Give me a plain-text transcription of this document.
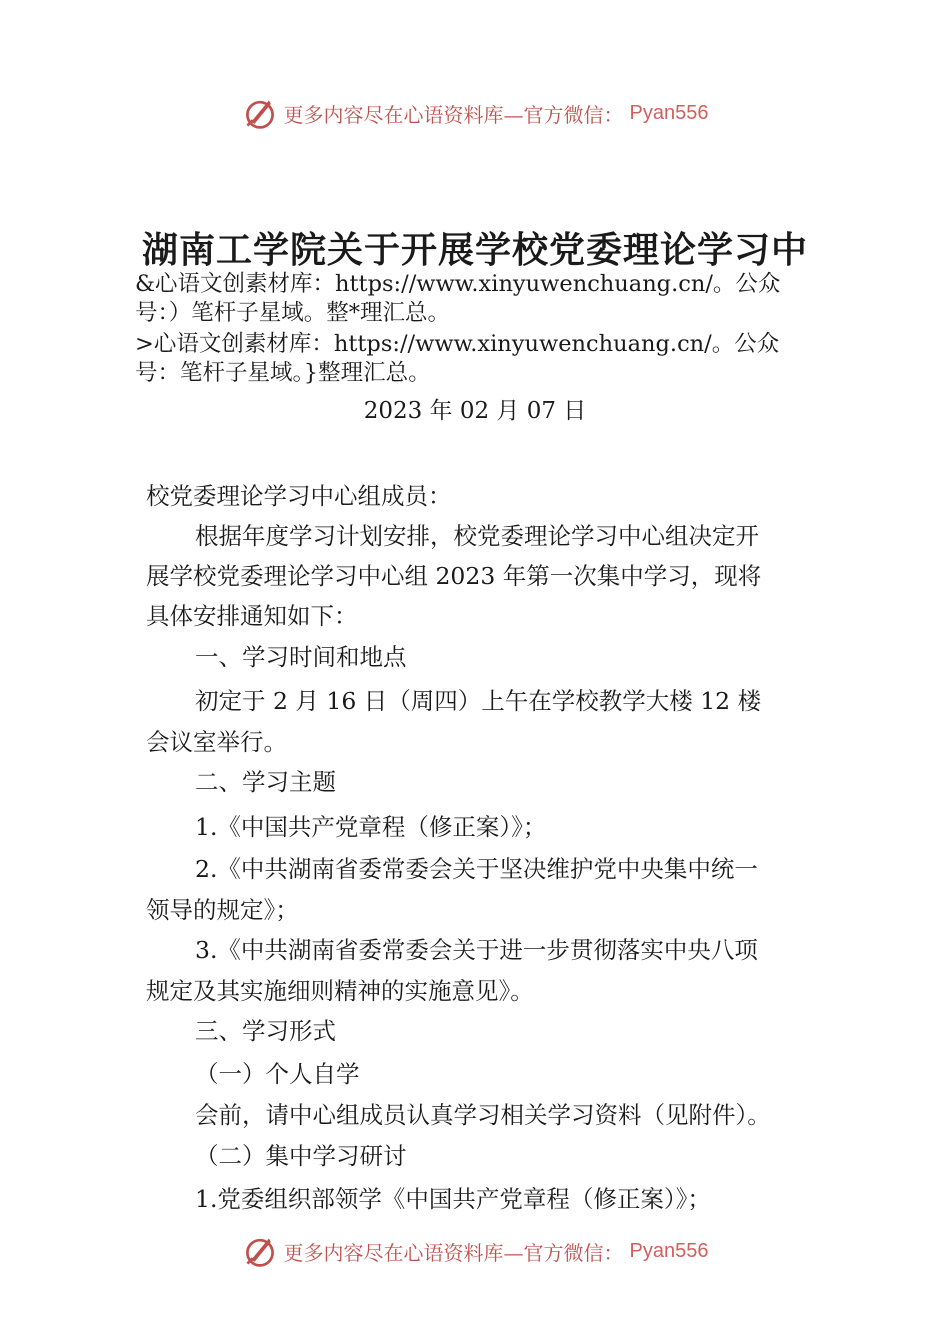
更多内容尽在心语资料库—官方微信： Pyan556
湖南工学院关于开展学校党委理论学习中
&心语文创素材库：https://www.xinyuwenchuang.cn/。公众
号：）笔杆子星域。整*理汇总。
>心语文创素材库：https://www.xinyuwenchuang.cn/。公众
号：笔杆子星域。}整理汇总。
2023 年 02 月 07 日
校党委理论学习中心组成员：
根据年度学习计划安排，校党委理论学习中心组决定开
展学校党委理论学习中心组 2023 年第一次集中学习，现将
具体安排通知如下：
一、学习时间和地点
初定于 2 月 16 日（周四）上午在学校教学大楼 12 楼
会议室举行。
二、学习主题
1.《中国共产党章程（修正案）》；
2.《中共湖南省委常委会关于坚决维护党中央集中统一
领导的规定》；
3.《中共湖南省委常委会关于进一步贯彻落实中央八项
规定及其实施细则精神的实施意见》。
三、学习形式
（一）个人自学
会前，请中心组成员认真学习相关学习资料（见附件）。
（二）集中学习研讨
1.党委组织部领学《中国共产党章程（修正案）》；
更多内容尽在心语资料库—官方微信： Pyan556
